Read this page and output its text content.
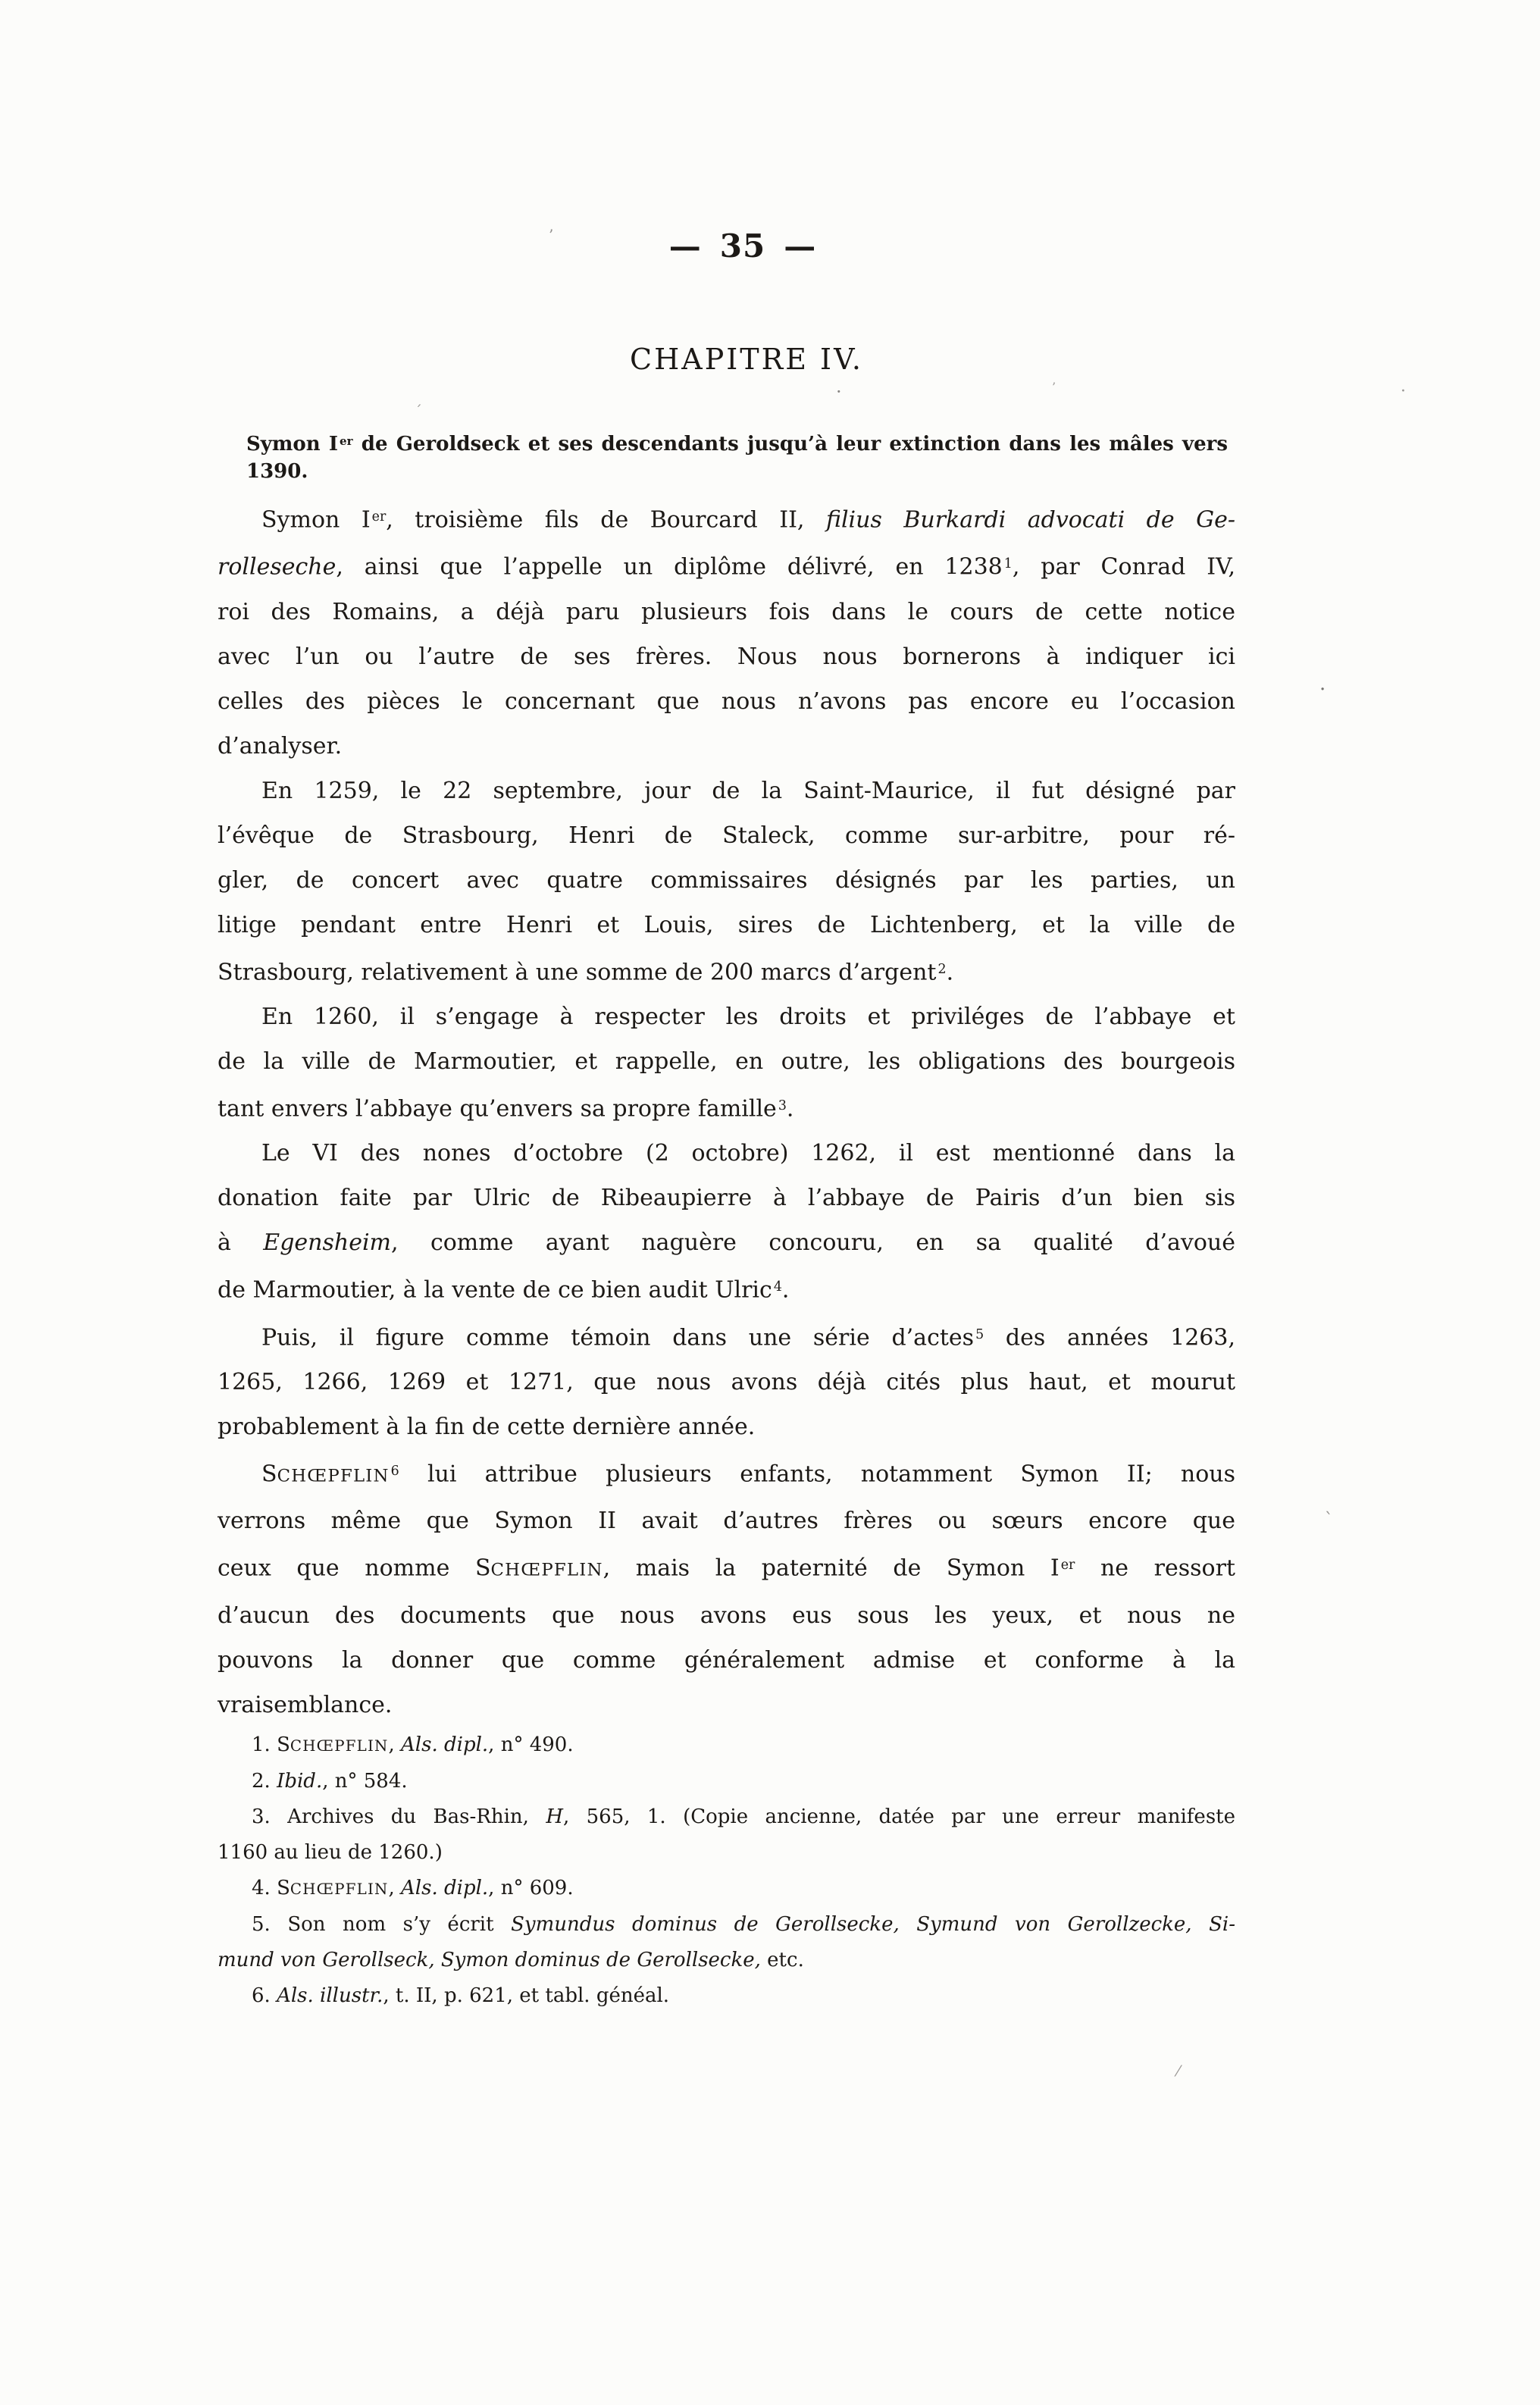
— 35 —
CHAPITRE IV.
Symon I $^{er}$ de Geroldseck et ses descendants jusqu’à leur extinction dans les mâles vers 1390.
Symon I $^{er}$, troisième fils de Bourcard II, filius Burkardi advocati de Ge-
rolleseche, ainsi que l’appelle un diplôme délivré, en 1238 $^1$, par Conrad IV,
roi des Romains, a déjà paru plusieurs fois dans le cours de cette notice
avec l’un ou l’autre de ses frères. Nous nous bornerons à indiquer ici
celles des pièces le concernant que nous n’avons pas encore eu l’occasion
d’analyser.
En 1259, le 22 septembre, jour de la Saint-Maurice, il fut désigné par
l’évêque de Strasbourg, Henri de Staleck, comme sur-arbitre, pour ré-
gler, de concert avec quatre commissaires désignés par les parties, un
litige pendant entre Henri et Louis, sires de Lichtenberg, et la ville de
Strasbourg, relativement à une somme de 200 marcs d’argent $^2$.
En 1260, il s’engage à respecter les droits et priviléges de l’abbaye et
de la ville de Marmoutier, et rappelle, en outre, les obligations des bourgeois
tant envers l’abbaye qu’envers sa propre famille $^3$.
Le VI des nones d’octobre (2 octobre) 1262, il est mentionné dans la
donation faite par Ulric de Ribeaupierre à l’abbaye de Pairis d’un bien sis
à Egensheim, comme ayant naguère concouru, en sa qualité d’avoué
de Marmoutier, à la vente de ce bien audit Ulric $^4$.
Puis, il figure comme témoin dans une série d’actes $^5$ des années 1263,
1265, 1266, 1269 et 1271, que nous avons déjà cités plus haut, et mourut
probablement à la fin de cette dernière année.
SCHŒPFLIN $^6$ lui attribue plusieurs enfants, notamment Symon II; nous
verrons même que Symon II avait d’autres frères ou sœurs encore que
ceux que nomme SCHŒPFLIN, mais la paternité de Symon I $^{er}$ ne ressort
d’aucun des documents que nous avons eus sous les yeux, et nous ne
pouvons la donner que comme généralement admise et conforme à la
vraisemblance.
1. SCHŒPFLIN, Als. dipl., n° 490.
2. Ibid., n° 584.
3. Archives du Bas-Rhin, H, 565, 1. (Copie ancienne, datée par une erreur manifeste
1160 au lieu de 1260.)
4. SCHŒPFLIN, Als. dipl., n° 609.
5. Son nom s’y écrit Symundus dominus de Gerollsecke, Symund von Gerollzecke, Si-
mund von Gerollseck, Symon dominus de Gerollsecke, etc.
6. Als. illustr., t. II, p. 621, et tabl. généal.
’
·	’	·
´
·
`
⁄
